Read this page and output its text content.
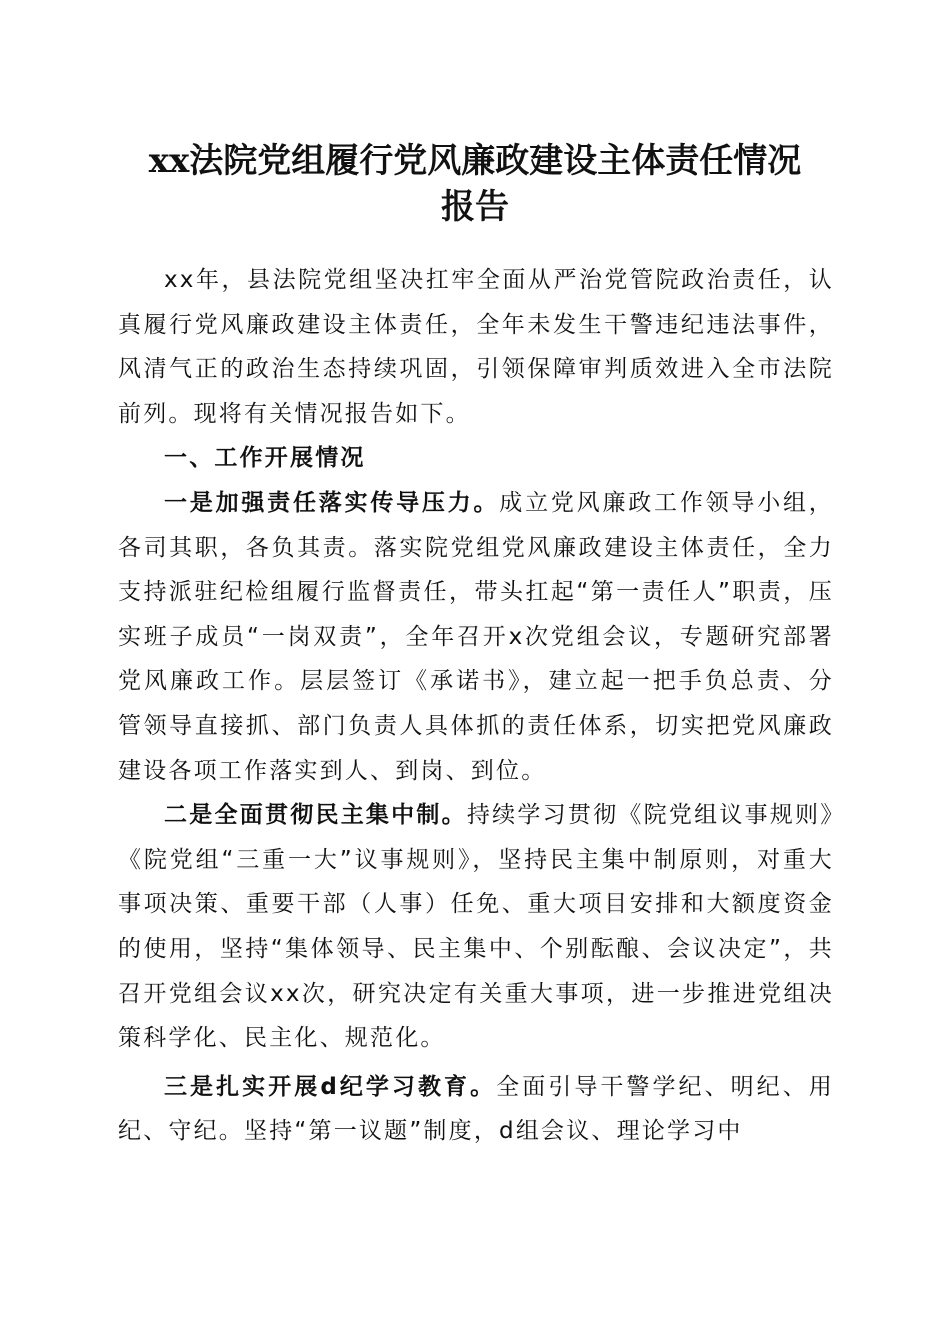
xx法院党组履行党风廉政建设主体责任情况
报告

xx年，县法院党组坚决扛牢全面从严治党管院政治责任，认真履行党风廉政建设主体责任，全年未发生干警违纪违法事件，风清气正的政治生态持续巩固，引领保障审判质效进入全市法院前列。现将有关情况报告如下。

一、工作开展情况

一是加强责任落实传导压力。成立党风廉政工作领导小组，各司其职，各负其责。落实院党组党风廉政建设主体责任，全力支持派驻纪检组履行监督责任，带头扛起“第一责任人”职责，压实班子成员“一岗双责”，全年召开x次党组会议，专题研究部署党风廉政工作。层层签订《承诺书》，建立起一把手负总责、分管领导直接抓、部门负责人具体抓的责任体系，切实把党风廉政建设各项工作落实到人、到岗、到位。

二是全面贯彻民主集中制。持续学习贯彻《院党组议事规则》《院党组“三重一大”议事规则》，坚持民主集中制原则，对重大事项决策、重要干部（人事）任免、重大项目安排和大额度资金的使用，坚持“集体领导、民主集中、个别酝酿、会议决定”，共召开党组会议xx次，研究决定有关重大事项，进一步推进党组决策科学化、民主化、规范化。

三是扎实开展d纪学习教育。全面引导干警学纪、明纪、用纪、守纪。坚持“第一议题”制度，d组会议、理论学习中
